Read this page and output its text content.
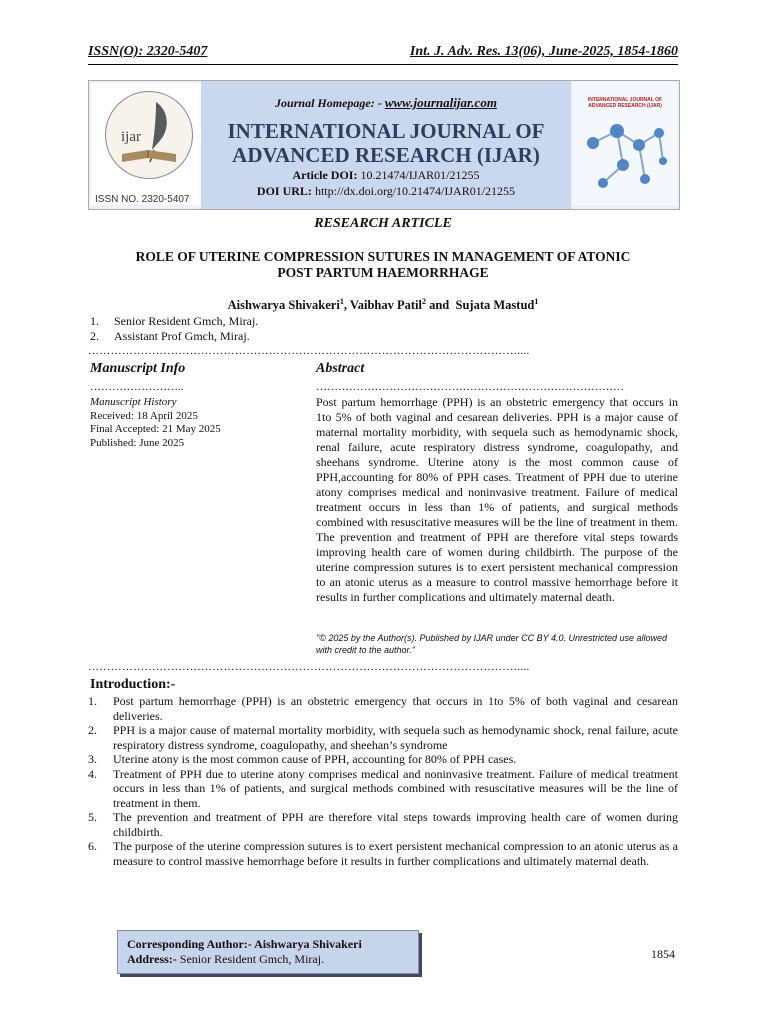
ISSN(O): 2320-5407	Int. J. Adv. Res. 13(06), June-2025, 1854-1860
ijar
ISSN NO. 2320-5407
Journal Homepage: - www.journalijar.com
INTERNATIONAL JOURNAL OF
ADVANCED RESEARCH (IJAR)
Article DOI: 10.21474/IJAR01/21255
DOI URL: http://dx.doi.org/10.21474/IJAR01/21255
INTERNATIONAL JOURNAL OF ADVANCED RESEARCH (IJAR)
RESEARCH ARTICLE
ROLE OF UTERINE COMPRESSION SUTURES IN MANAGEMENT OF ATONIC
POST PARTUM HAEMORRHAGE
Aishwarya Shivakeri$^1$, Vaibhav Patil$^2$ and  Sujata Mastud$^1$
1. Senior Resident Gmch, Miraj.
2. Assistant Prof Gmch, Miraj.
……………………………………………………………………………………………………....
Manuscript Info	Abstract
……………………..	…………………………………………………………………………
Manuscript History
Received: 18 April 2025
Final Accepted: 21 May 2025
Published: June 2025
Post partum hemorrhage (PPH) is an obstetric emergency that occurs in 1to 5% of both vaginal and cesarean deliveries. PPH is a major cause of maternal mortality morbidity, with sequela such as hemodynamic shock, renal failure, acute respiratory distress syndrome, coagulopathy, and sheehans syndrome. Uterine atony is the most common cause of PPH,accounting for 80% of PPH cases. Treatment of PPH due to uterine atony comprises medical and noninvasive treatment. Failure of medical treatment occurs in less than 1% of patients, and surgical methods combined with resuscitative measures will be the line of treatment in them. The prevention and treatment of PPH are therefore vital steps towards improving health care of women during childbirth. The purpose of the uterine compression sutures is to exert persistent mechanical compression to an atonic uterus as a measure to control massive hemorrhage before it results in further complications and ultimately maternal death.
"© 2025 by the Author(s). Published by IJAR under CC BY 4.0. Unrestricted use allowed with credit to the author."
……………………………………………………………………………………………………....
Introduction:-
1. Post partum hemorrhage (PPH) is an obstetric emergency that occurs in 1to 5% of both vaginal and cesarean deliveries.
2. PPH is a major cause of maternal mortality morbidity, with sequela such as hemodynamic shock, renal failure, acute respiratory distress syndrome, coagulopathy, and sheehan’s syndrome
3. Uterine atony is the most common cause of PPH, accounting for 80% of PPH cases.
4. Treatment of PPH due to uterine atony comprises medical and noninvasive treatment. Failure of medical treatment occurs in less than 1% of patients, and surgical methods combined with resuscitative measures will be the line of treatment in them.
5. The prevention and treatment of PPH are therefore vital steps towards improving health care of women during childbirth.
6. The purpose of the uterine compression sutures is to exert persistent mechanical compression to an atonic uterus as a measure to control massive hemorrhage before it results in further complications and ultimately maternal death.
Corresponding Author:- Aishwarya Shivakeri
Address:- Senior Resident Gmch, Miraj.	1854
